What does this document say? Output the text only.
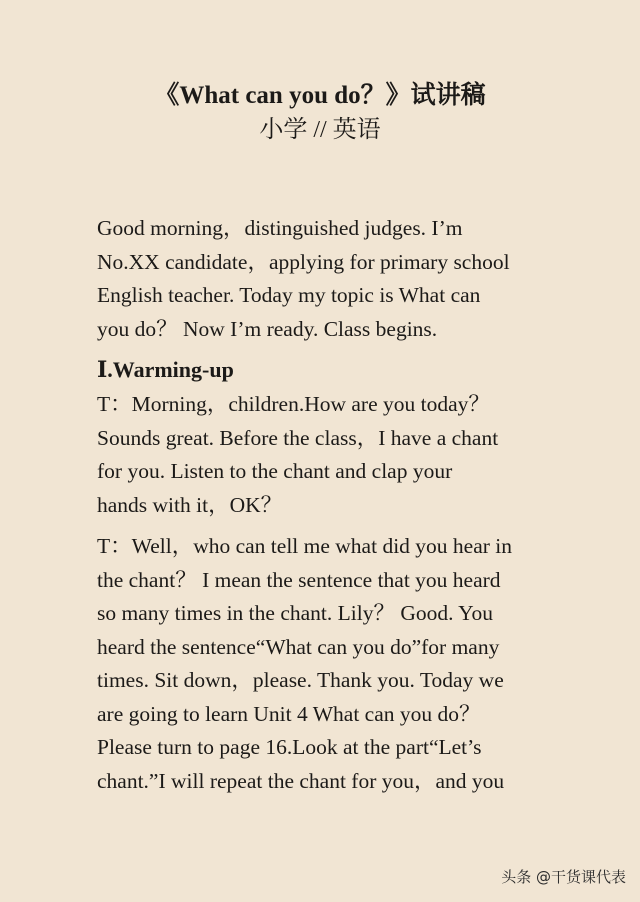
《What can you do？》试讲稿
小学 // 英语

Good morning，distinguished judges. I’m
No.XX candidate，applying for primary school
English teacher. Today my topic is What can
you do？ Now I’m ready. Class begins.

Ⅰ.Warming-up

T：Morning，children.How are you today？
Sounds great. Before the class，I have a chant
for you. Listen to the chant and clap your
hands with it，OK？

T：Well，who can tell me what did you hear in
the chant？ I mean the sentence that you heard
so many times in the chant. Lily？ Good. You
heard the sentence“What can you do”for many
times. Sit down，please. Thank you. Today we
are going to learn Unit 4 What can you do？
Please turn to page 16.Look at the part“Let’s
chant.”I will repeat the chant for you，and you

头条 @干货课代表
